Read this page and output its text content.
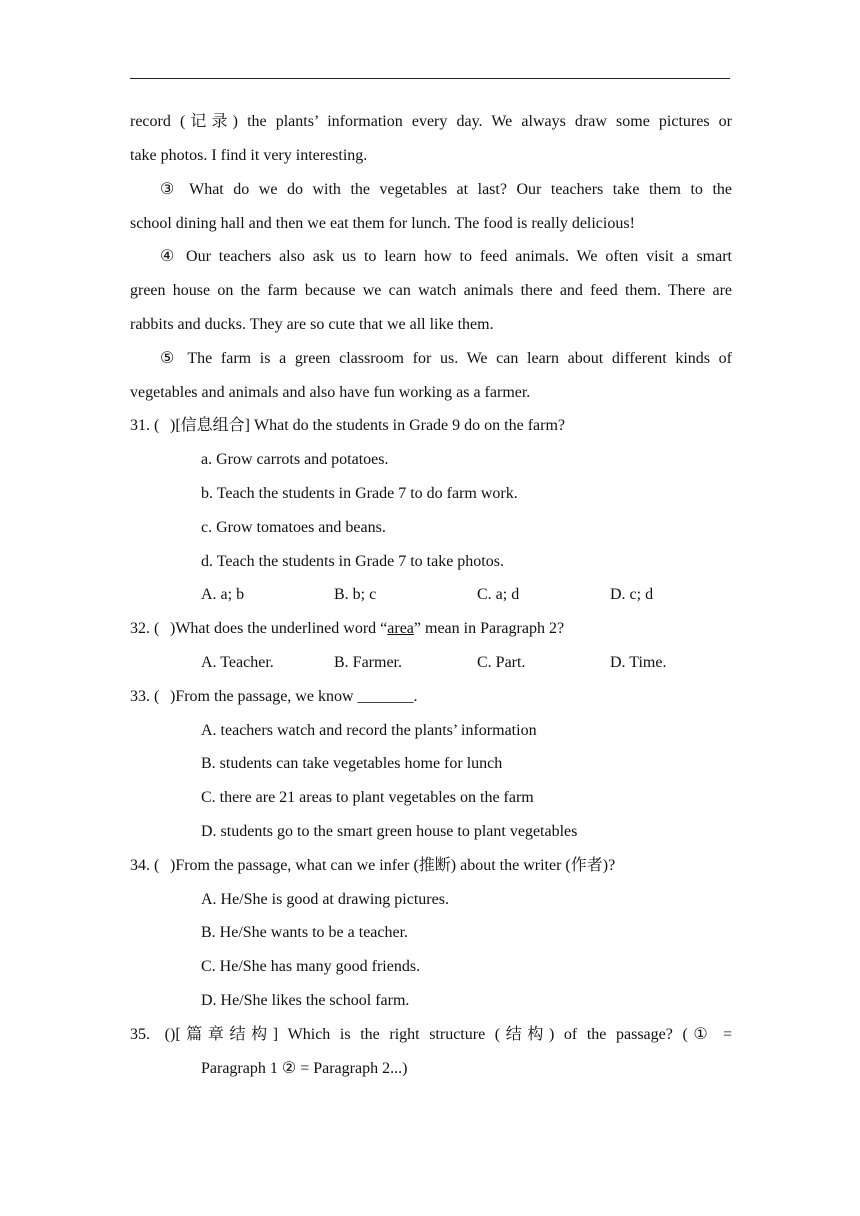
record (记录) the plants’ information every day. We always draw some pictures or
take photos. I find it very interesting.
③ What do we do with the vegetables at last? Our teachers take them to the
school dining hall and then we eat them for lunch. The food is really delicious!
④ Our teachers also ask us to learn how to feed animals. We often visit a smart
green house on the farm because we can watch animals there and feed them. There are
rabbits and ducks. They are so cute that we all like them.
⑤ The farm is a green classroom for us. We can learn about different kinds of
vegetables and animals and also have fun working as a farmer.
31. ( )[信息组合] What do the students in Grade 9 do on the farm?
a. Grow carrots and potatoes.
b. Teach the students in Grade 7 to do farm work.
c. Grow tomatoes and beans.
d. Teach the students in Grade 7 to take photos.
A. a; b	B. b; c	C. a; d	D. c; d
32. ( )What does the underlined word “area” mean in Paragraph 2?
A. Teacher.	B. Farmer.	C. Part.	D. Time.
33. ( )From the passage, we know _______.
A. teachers watch and record the plants’ information
B. students can take vegetables home for lunch
C. there are 21 areas to plant vegetables on the farm
D. students go to the smart green house to plant vegetables
34. ( )From the passage, what can we infer (推断) about the writer (作者)?
A. He/She is good at drawing pictures.
B. He/She wants to be a teacher.
C. He/She has many good friends.
D. He/She likes the school farm.
35. ()[篇章结构] Which is the right structure (结构) of the passage? (① =
Paragraph 1 ② = Paragraph 2...)
